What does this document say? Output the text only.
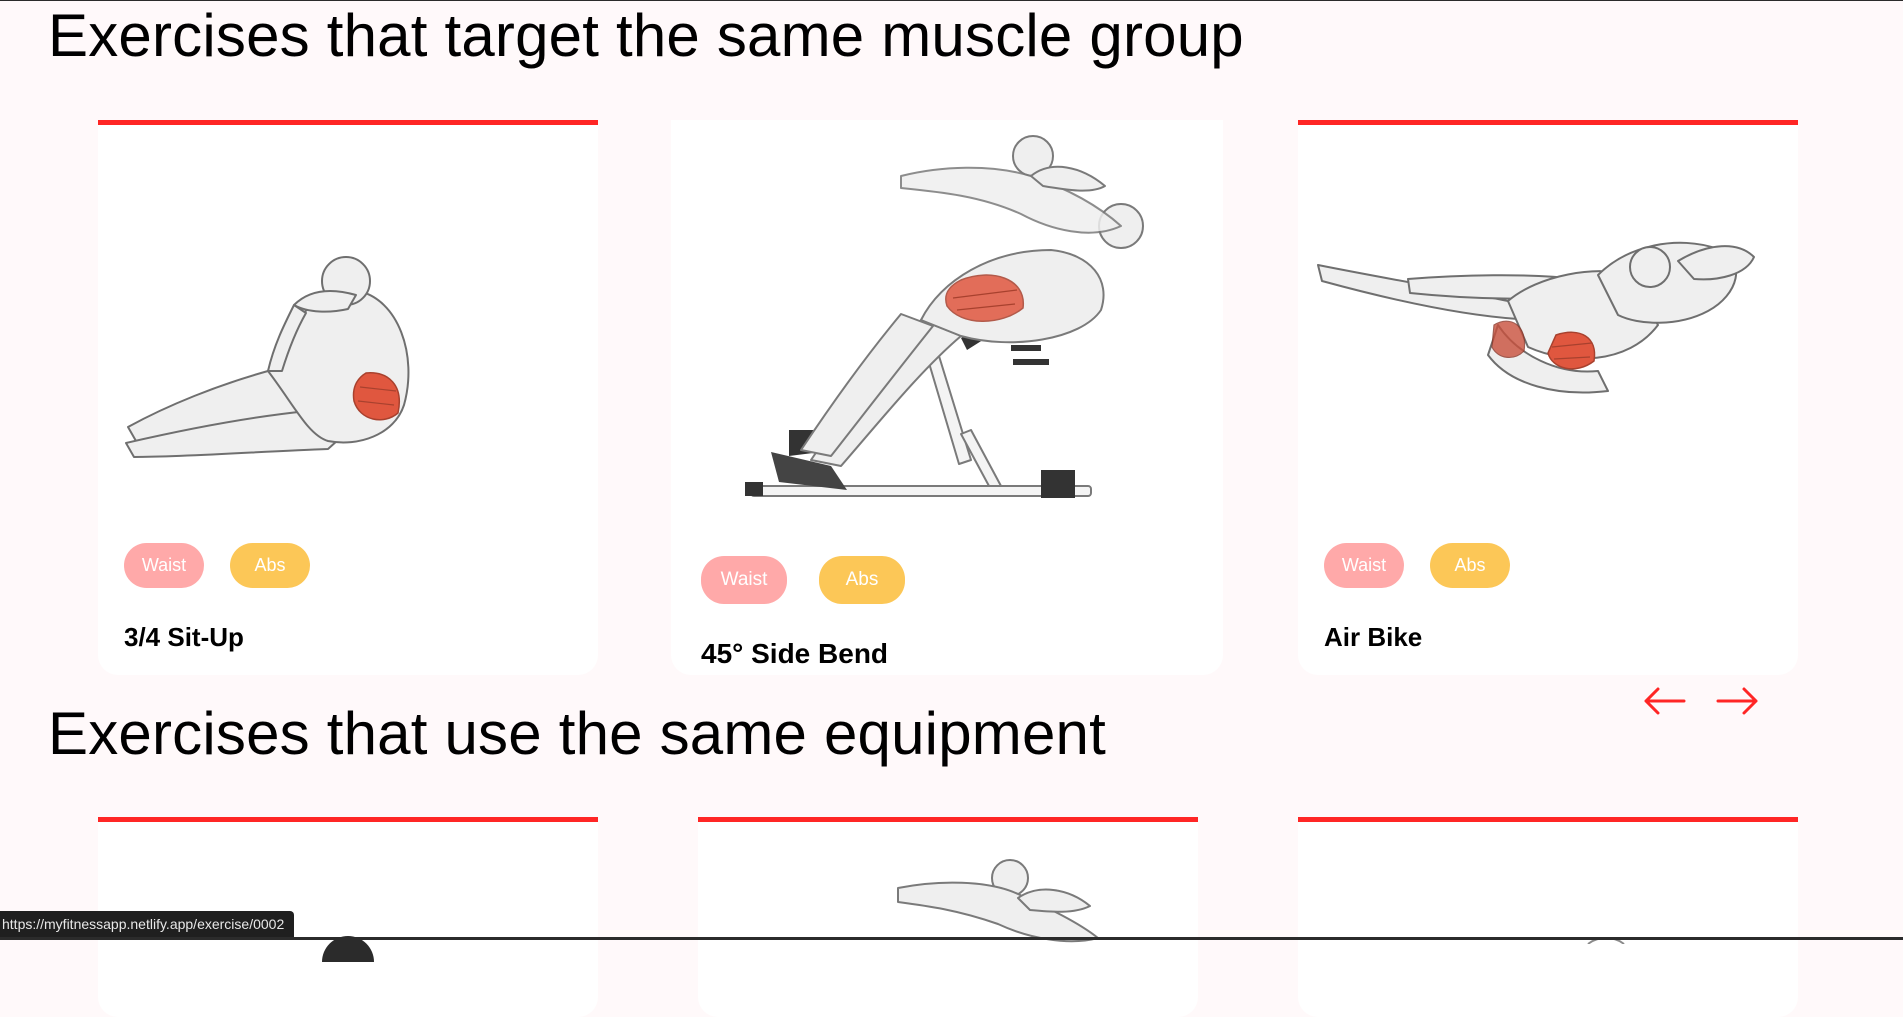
Exercises that target the same muscle group
Waist	Abs

3/4 Sit-Up

Waist	Abs

45° Side Bend

Waist	Abs

Air Bike

Exercises that use the same equipment
https://myfitnessapp.netlify.app/exercise/0002
